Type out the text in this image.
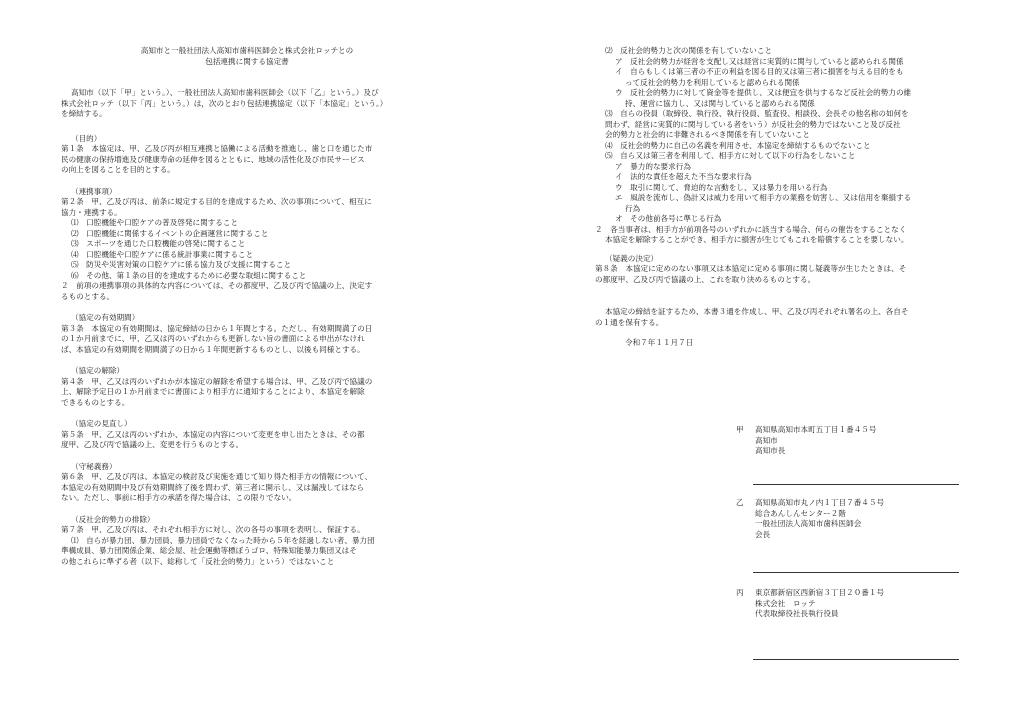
高知市と一般社団法人高知市歯科医師会と株式会社ロッテとの

包括連携に関する協定書

高知市（以下「甲」という。）、一般社団法人高知市歯科医師会（以下「乙」という。）及び

株式会社ロッテ（以下「丙」という。）は，次のとおり包括連携協定（以下「本協定」という。）

を締結する。

（目的）

第１条　本協定は、甲、乙及び丙が相互連携と協働による活動を推進し、歯と口を通じた市

民の健康の保持増進及び健康寿命の延伸を図るとともに、地域の活性化及び市民サービス

の向上を図ることを目的とする。

（連携事項）

第２条　甲、乙及び丙は、前条に規定する目的を達成するため、次の事項について、相互に

協力・連携する。

⑴　口腔機能や口腔ケアの普及啓発に関すること

⑵　口腔機能に関係するイベントの企画運営に関すること

⑶　スポーツを通じた口腔機能の啓発に関すること

⑷　口腔機能や口腔ケアに係る統計事業に関すること

⑸　防災や災害対策の口腔ケアに係る協力及び支援に関すること

⑹　その他、第１条の目的を達成するために必要な取組に関すること

２　前項の連携事項の具体的な内容については、その都度甲、乙及び丙で協議の上、決定す

るものとする。

（協定の有効期間）

第３条　本協定の有効期間は、協定締結の日から１年間とする。ただし、有効期間満了の日

の１か月前までに、甲、乙又は丙のいずれからも更新しない旨の書面による申出がなけれ

ば、本協定の有効期間を期間満了の日から１年間更新するものとし、以後も同様とする。

（協定の解除）

第４条　甲、乙又は丙のいずれかが本協定の解除を希望する場合は、甲、乙及び丙で協議の

上、解除予定日の１か月前までに書面により相手方に通知することにより、本協定を解除

できるものとする。

（協定の見直し）

第５条　甲、乙又は丙のいずれか、本協定の内容について変更を申し出たときは、その都

度甲、乙及び丙で協議の上、変更を行うものとする。

（守秘義務）

第６条　甲、乙及び丙は、本協定の検討及び実施を通じて知り得た相手方の情報について、

本協定の有効期間中及び有効期間終了後を問わず、第三者に開示し、又は漏洩してはなら

ない。ただし、事前に相手方の承諾を得た場合は、この限りでない。

（反社会的勢力の排除）

第７条　甲、乙及び丙は、それぞれ相手方に対し、次の各号の事項を表明し、保証する。

⑴　自らが暴力団、暴力団員、暴力団員でなくなった時から５年を経過しない者、暴力団

準構成員、暴力団関係企業、総会屋、社会運動等標ぼうゴロ、特殊知能暴力集団又はそ

の他これらに準ずる者（以下、総称して「反社会的勢力」という）ではないこと

⑵　反社会的勢力と次の関係を有していないこと

ア　反社会的勢力が経営を支配し又は経営に実質的に関与していると認められる関係

イ　自らもしくは第三者の不正の利益を図る目的又は第三者に損害を与える目的をも

って反社会的勢力を利用していると認められる関係

ウ　反社会的勢力に対して資金等を提供し、又は便宜を供与するなど反社会的勢力の維

持、運営に協力し、又は関与していると認められる関係

⑶　自らの役員（取締役、執行役、執行役員、監査役、相談役、会長その他名称の如何を

問わず、経営に実質的に関与している者をいう）が反社会的勢力ではないこと及び反社

会的勢力と社会的に非難されるべき関係を有していないこと

⑷　反社会的勢力に自己の名義を利用させ、本協定を締結するものでないこと

⑸　自ら又は第三者を利用して、相手方に対して以下の行為をしないこと

ア　暴力的な要求行為

イ　法的な責任を超えた不当な要求行為

ウ　取引に関して、脅迫的な言動をし、又は暴力を用いる行為

エ　風説を流布し、偽計又は威力を用いて相手方の業務を妨害し、又は信用を棄損する

行為

オ　その他前各号に準じる行為

２　各当事者は、相手方が前項各号のいずれかに該当する場合、何らの催告をすることなく

本協定を解除することができ、相手方に損害が生じてもこれを賠償することを要しない。

（疑義の決定）

第８条　本協定に定めのない事項又は本協定に定める事項に関し疑義等が生じたときは、そ

の都度甲、乙及び丙で協議の上、これを取り決めるものとする。

本協定の締結を証するため、本書３通を作成し、甲、乙及び丙それぞれ署名の上、各自そ

の１通を保有する。

令和７年１１月７日

甲 高知県高知市本町五丁目１番４５号

高知市

高知市長

乙 高知県高知市丸ノ内１丁目７番４５号

総合あんしんセンター２階

一般社団法人高知市歯科医師会

会長

丙 東京都新宿区西新宿３丁目２０番１号

株式会社　ロッテ

代表取締役社長執行役員
